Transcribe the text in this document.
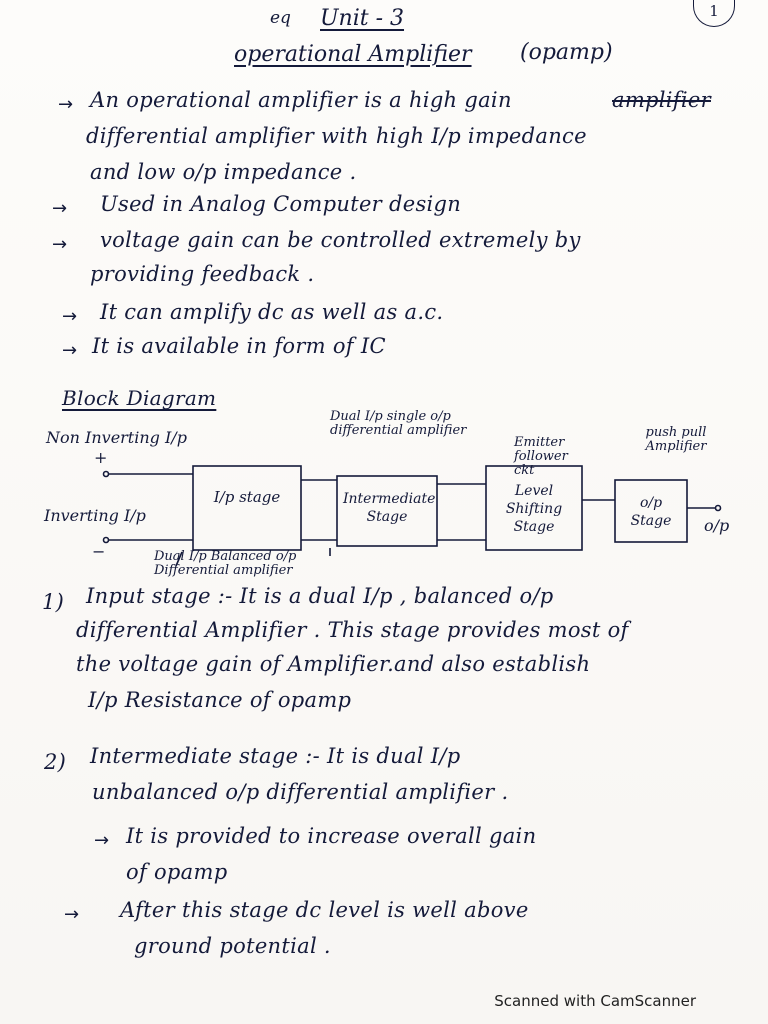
eq Unit - 3	1
operational Amplifier (opamp)
→ An operational amplifier is a high gain	amplifier
differential amplifier with high I/p impedance
and low o/p impedance .
→ Used in Analog Computer design
→ voltage gain can be controlled extremely by
providing feedback .
→ It can amplify dc as well as a.c.
→ It is available in form of IC
Block Diagram
Non Inverting I/p
+
Inverting I/p
−
I/p stage	Intermediate Stage
Level Shifting Stage
o/p Stage	o/p
Dual I/p single o/p differential amplifier
Emitter follower ckt
push pull Amplifier
Dual I/p Balanced o/p Differential amplifier
1) Input stage :- It is a dual I/p , balanced o/p
differential Amplifier . This stage provides most of
the voltage gain of Amplifier.and also establish
I/p Resistance of opamp
2) Intermediate stage :- It is dual I/p
unbalanced o/p differential amplifier .
→ It is provided to increase overall gain
of opamp
→ After this stage dc level is well above
ground potential .
Scanned with CamScanner
